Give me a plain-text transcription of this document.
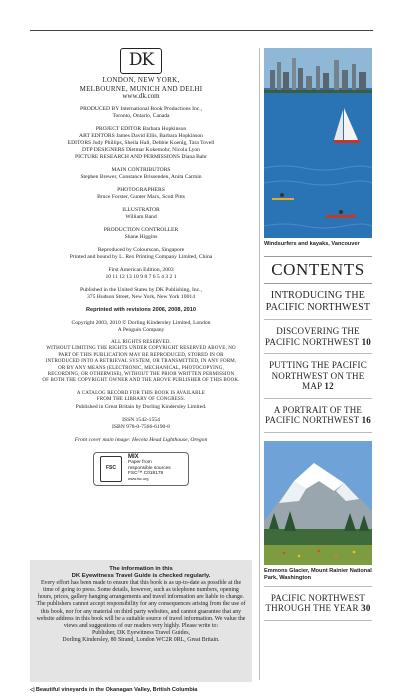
DK
LONDON, NEW YORK,
MELBOURNE, MUNICH AND DELHI
www.dk.com
PRODUCED BY International Book Productions Inc.,
Toronto, Ontario, Canada
PROJECT EDITOR Barbara Hopkinson
ART EDITORS James David Ellis, Barbara Hopkinson
EDITORS Judy Phillips, Sheila Hall, Debbie Koenig, Tara Tovell
DTP DESIGNERS Dietmar Kokemohr, Nicola Lyon
PICTURE RESEARCH AND PERMISSIONS Diana Bahr
MAIN CONTRIBUTORS
Stephen Brewer, Constance Brissenden, Anita Carmin
PHOTOGRAPHERS
Bruce Forster, Gunter Marx, Scott Pitts
ILLUSTRATOR
William Band
PRODUCTION CONTROLLER
Shane Higgins
Reproduced by Colourscan, Singapore
Printed and bound by L. Rex Printing Company Limited, China
First American Edition, 2003
10 11 12 13 10 9 8 7 6 5 4 3 2 1
Published in the United States by DK Publishing, Inc.,
375 Hudson Street, New York, New York 10014
Reprinted with revisions 2006, 2008, 2010
Copyright 2003, 2010 © Dorling Kindersley Limited, London
A Penguin Company
ALL RIGHTS RESERVED.
WITHOUT LIMITING THE RIGHTS UNDER COPYRIGHT RESERVED ABOVE, NO
PART OF THIS PUBLICATION MAY BE REPRODUCED, STORED IN OR
INTRODUCED INTO A RETRIEVAL SYSTEM, OR TRANSMITTED, IN ANY FORM,
OR BY ANY MEANS (ELECTRONIC, MECHANICAL, PHOTOCOPYING,
RECORDING, OR OTHERWISE), WITHOUT THE PRIOR WRITTEN PERMISSION
OF BOTH THE COPYRIGHT OWNER AND THE ABOVE PUBLISHER OF THIS BOOK.
A CATALOG RECORD FOR THIS BOOK IS AVAILABLE
FROM THE LIBRARY OF CONGRESS.
Published in Great Britain by Dorling Kindersley Limited.
ISSN 1542-1554
ISBN 978-0-7566-6190-8
Front cover main image: Heceta Head Lighthouse, Oregon
FSC
MIX
Paper from
responsible sources
FSC™ C018179
www.fsc.org
The information in this
DK Eyewitness Travel Guide is checked regularly.
Every effort has been made to ensure that this book is as up-to-date as possible at the time of going to press. Some details, however, such as telephone numbers, opening hours, prices, gallery hanging arrangements and travel information are liable to change. The publishers cannot accept responsibility for any consequences arising from the use of this book, nor for any material on third party websites, and cannot guarantee that any website address in this book will be a suitable source of travel information. We value the views and suggestions of our readers very highly. Please write to:
Publisher, DK Eyewitness Travel Guides,
Dorling Kindersley, 80 Strand, London WC2R 0RL, Great Britain.
Windsurfers and kayaks, Vancouver
CONTENTS
INTRODUCING THE PACIFIC NORTHWEST
DISCOVERING THE PACIFIC NORTHWEST 10
PUTTING THE PACIFIC NORTHWEST ON THE MAP 12
A PORTRAIT OF THE PACIFIC NORTHWEST 16
Emmons Glacier, Mount Rainier National Park, Washington
PACIFIC NORTHWEST THROUGH THE YEAR 30
◁ Beautiful vineyards in the Okanagan Valley, British Columbia
